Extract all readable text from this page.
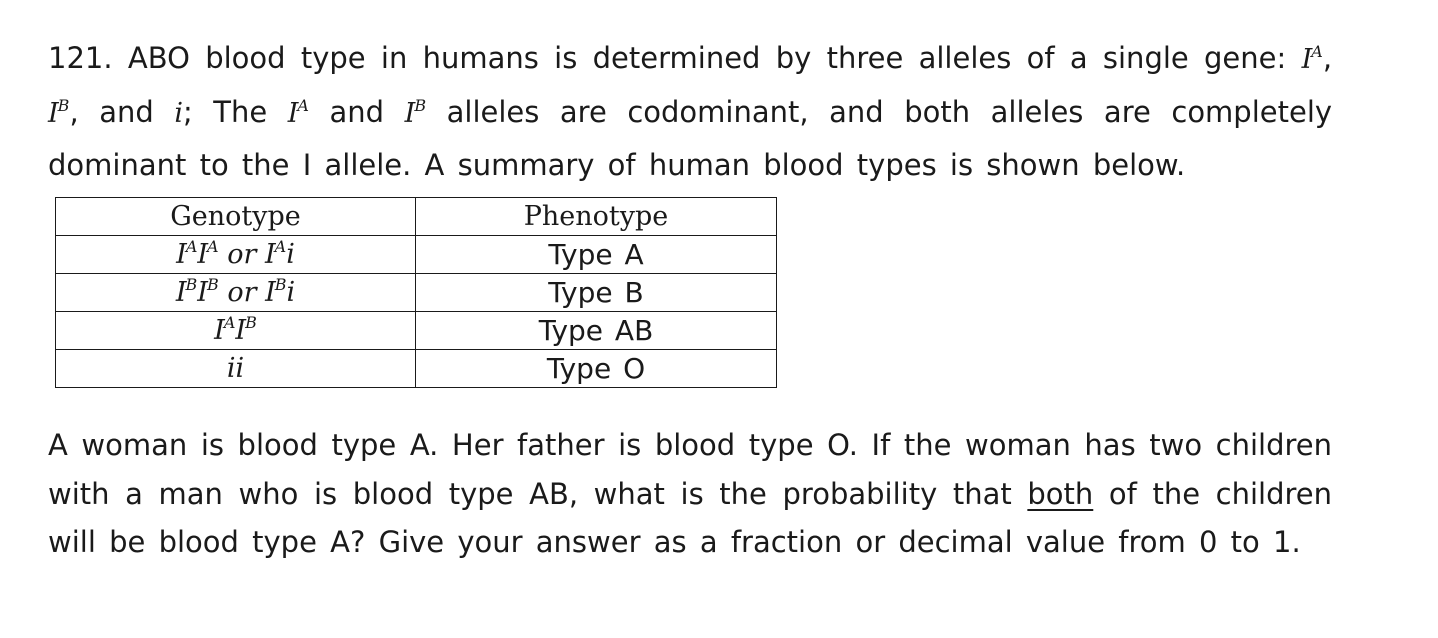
121. ABO blood type in humans is determined by three alleles of a single gene: $I^A$, $I^B$, and i; The $I^A$ and $I^B$ alleles are codominant, and both alleles are completely dominant to the I allele. A summary of human blood types is shown below.
Genotype	Phenotype
$I^AI^A$ or $I^Ai$	Type A
$I^BI^B$ or $I^Bi$	Type B
$I^AI^B$	Type AB
ii	Type O
A woman is blood type A. Her father is blood type O. If the woman has two children with a man who is blood type AB, what is the probability that both of the children will be blood type A? Give your answer as a fraction or decimal value from 0 to 1.
